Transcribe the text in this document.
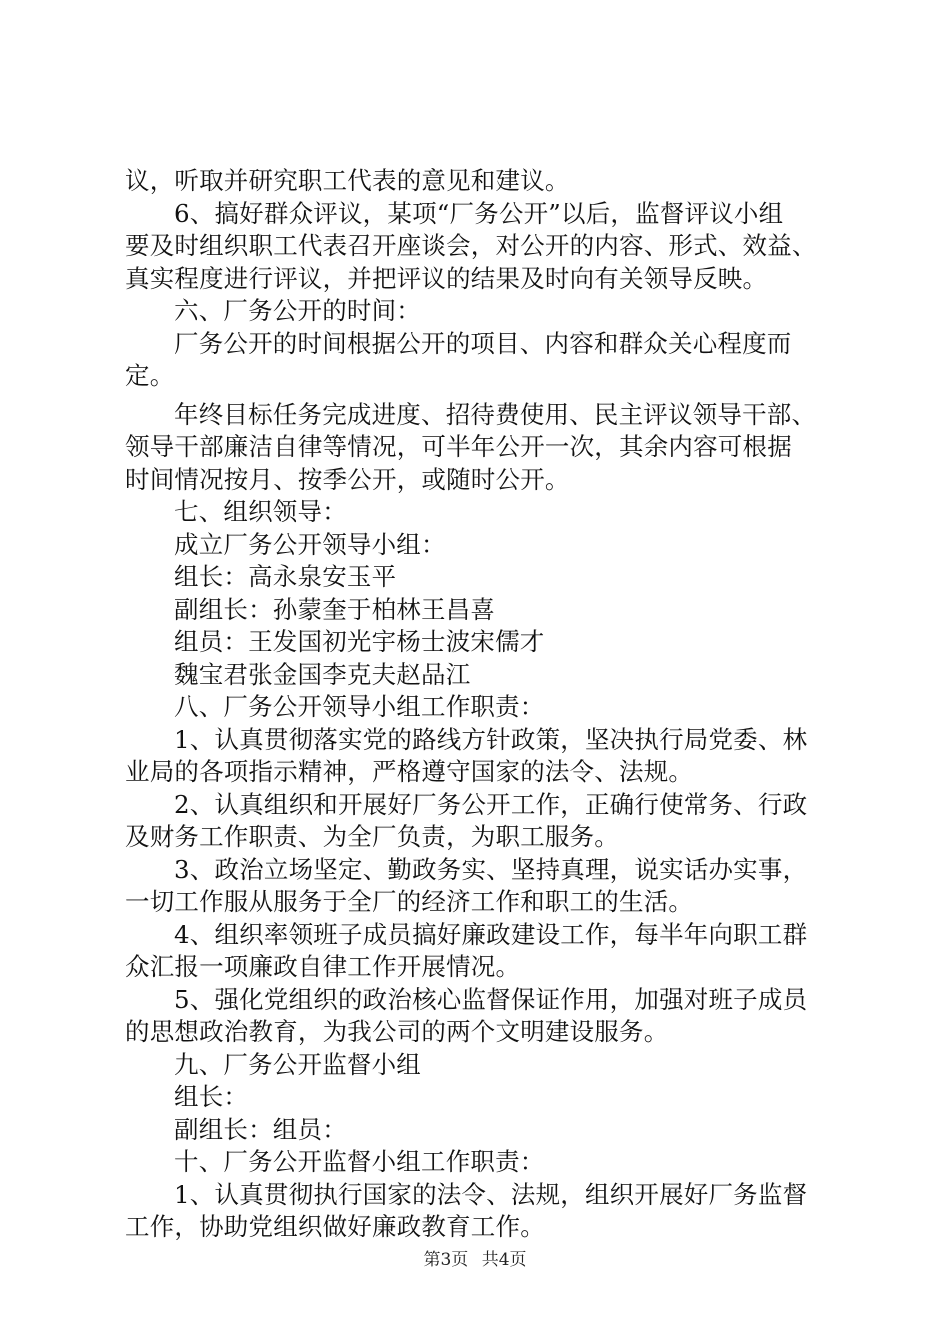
议，听取并研究职工代表的意见和建议。
6、搞好群众评议，某项“厂务公开”以后，监督评议小组
要及时组织职工代表召开座谈会，对公开的内容、形式、效益、
真实程度进行评议，并把评议的结果及时向有关领导反映。
六、厂务公开的时间：
厂务公开的时间根据公开的项目、内容和群众关心程度而
定。
年终目标任务完成进度、招待费使用、民主评议领导干部、
领导干部廉洁自律等情况，可半年公开一次，其余内容可根据
时间情况按月、按季公开，或随时公开。
七、组织领导：
成立厂务公开领导小组：
组长：高永泉安玉平
副组长：孙蒙奎于柏林王昌喜
组员：王发国初光宇杨士波宋儒才
魏宝君张金国李克夫赵品江
八、厂务公开领导小组工作职责：
1、认真贯彻落实党的路线方针政策，坚决执行局党委、林
业局的各项指示精神，严格遵守国家的法令、法规。
2、认真组织和开展好厂务公开工作，正确行使常务、行政
及财务工作职责、为全厂负责，为职工服务。
3、政治立场坚定、勤政务实、坚持真理，说实话办实事，
一切工作服从服务于全厂的经济工作和职工的生活。
4、组织率领班子成员搞好廉政建设工作，每半年向职工群
众汇报一项廉政自律工作开展情况。
5、强化党组织的政治核心监督保证作用，加强对班子成员
的思想政治教育，为我公司的两个文明建设服务。
九、厂务公开监督小组
组长：
副组长：组员：
十、厂务公开监督小组工作职责：
1、认真贯彻执行国家的法令、法规，组织开展好厂务监督
工作，协助党组织做好廉政教育工作。
第3页 共4页
